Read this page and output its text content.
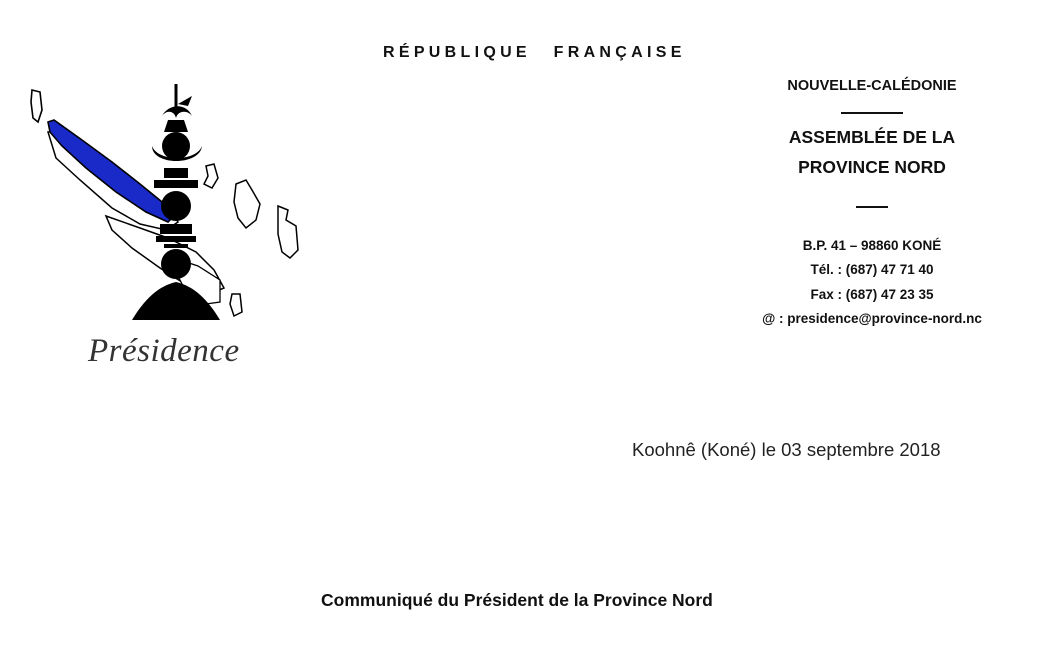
RÉPUBLIQUE FRANÇAISE
Présidence
NOUVELLE-CALÉDONIE
ASSEMBLÉE DE LA
PROVINCE NORD
B.P. 41 – 98860 KONÉ
Tél. : (687) 47 71 40
Fax : (687) 47 23 35
@ : presidence@province-nord.nc
Koohnê (Koné) le 03 septembre 2018
Communiqué du Président de la Province Nord
